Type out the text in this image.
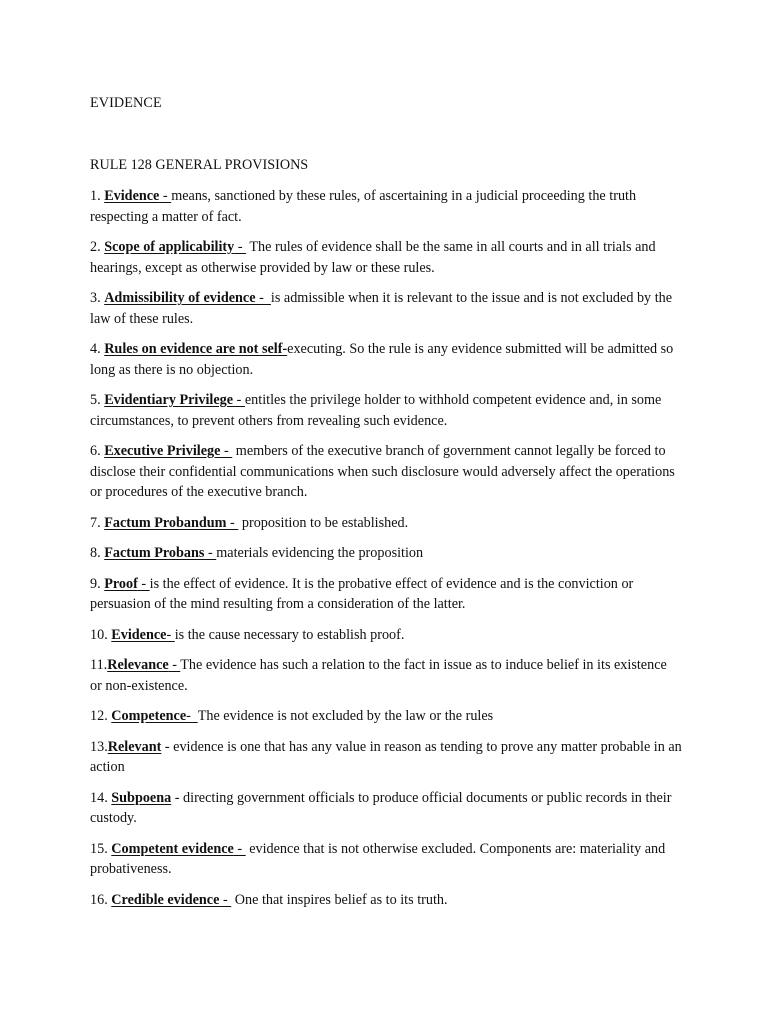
EVIDENCE
RULE 128 GENERAL PROVISIONS
1. Evidence - means, sanctioned by these rules, of ascertaining in a judicial proceeding the truth respecting a matter of fact.
2. Scope of applicability -  The rules of evidence shall be the same in all courts and in all trials and hearings, except as otherwise provided by law or these rules.
3. Admissibility of evidence -  is admissible when it is relevant to the issue and is not excluded by the law of these rules.
4. Rules on evidence are not self-executing. So the rule is any evidence submitted will be admitted so long as there is no objection.
5. Evidentiary Privilege - entitles the privilege holder to withhold competent evidence and, in some circumstances, to prevent others from revealing such evidence.
6. Executive Privilege -  members of the executive branch of government cannot legally be forced to disclose their confidential communications when such disclosure would adversely affect the operations or procedures of the executive branch.
7. Factum Probandum -  proposition to be established.
8. Factum Probans - materials evidencing the proposition
9. Proof - is the effect of evidence. It is the probative effect of evidence and is the conviction or persuasion of the mind resulting from a consideration of the latter.
10. Evidence- is the cause necessary to establish proof.
11.Relevance - The evidence has such a relation to the fact in issue as to induce belief in its existence or non-existence.
12. Competence-  The evidence is not excluded by the law or the rules
13.Relevant - evidence is one that has any value in reason as tending to prove any matter probable in an action
14. Subpoena - directing government officials to produce official documents or public records in their custody.
15. Competent evidence -  evidence that is not otherwise excluded. Components are: materiality and probativeness.
16. Credible evidence -  One that inspires belief as to its truth.
